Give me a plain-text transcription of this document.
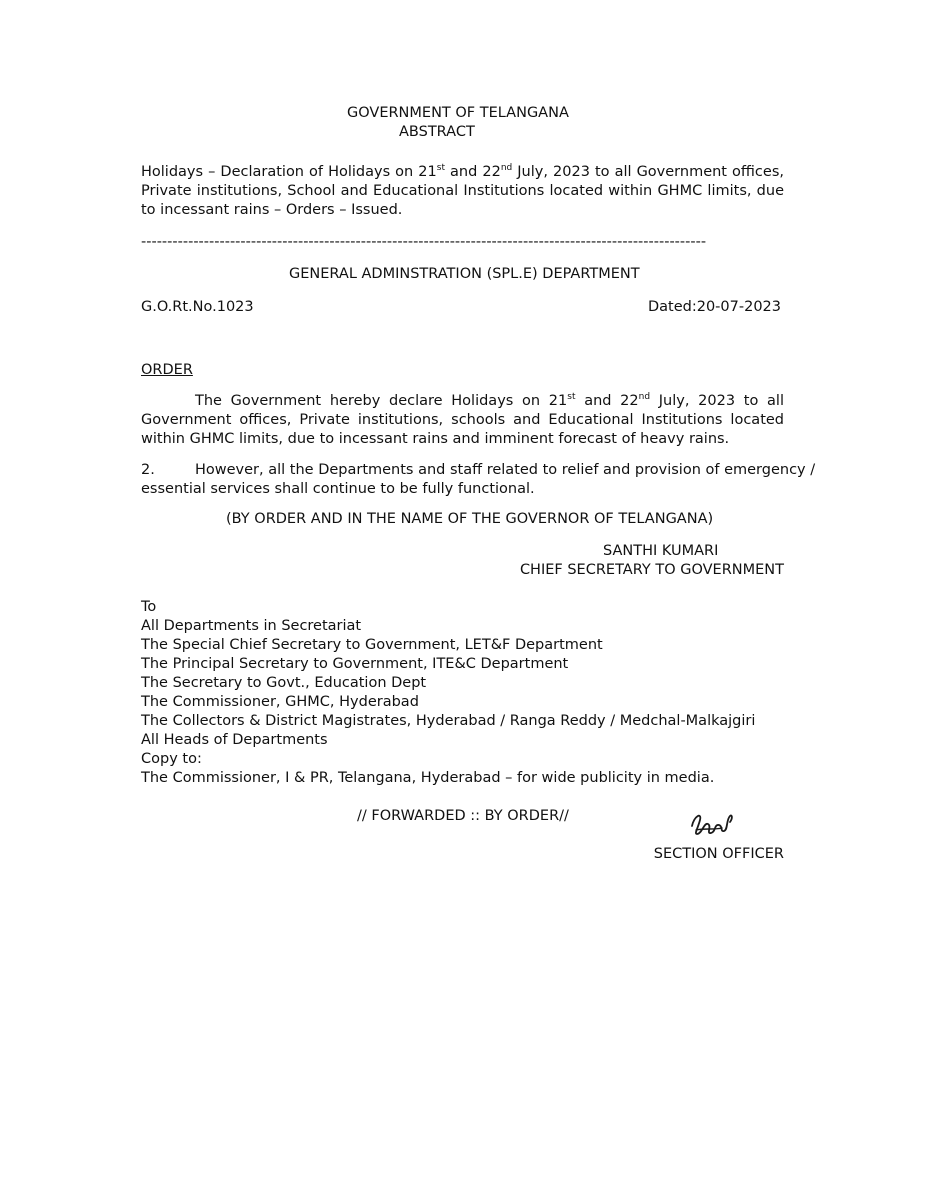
GOVERNMENT OF TELANGANA
ABSTRACT
Holidays – Declaration of Holidays on 21st and 22nd July, 2023 to all Government offices, Private institutions, School and Educational Institutions located within GHMC limits, due to incessant rains – Orders – Issued.
------------------------------------------------------------------------------------------------------------
GENERAL ADMINSTRATION (SPL.E) DEPARTMENT
G.O.Rt.No.1023	Dated:20-07-2023
ORDER
The Government hereby declare Holidays on 21st and 22nd July, 2023 to all Government offices, Private institutions, schools and Educational Institutions located within GHMC limits, due to incessant rains and imminent forecast of heavy rains.
2.	However, all the Departments and staff related to relief and provision of emergency /
essential services shall continue to be fully functional.
(BY ORDER AND IN THE NAME OF THE GOVERNOR OF TELANGANA)
SANTHI KUMARI
CHIEF SECRETARY TO GOVERNMENT
To
All Departments in Secretariat
The Special Chief Secretary to Government, LET&F Department
The Principal Secretary to Government, ITE&C Department
The Secretary to Govt., Education Dept
The Commissioner, GHMC, Hyderabad
The Collectors & District Magistrates, Hyderabad / Ranga Reddy / Medchal-Malkajgiri
All Heads of Departments
Copy to:
The Commissioner, I & PR, Telangana, Hyderabad – for wide publicity in media.
// FORWARDED :: BY ORDER//
SECTION OFFICER
